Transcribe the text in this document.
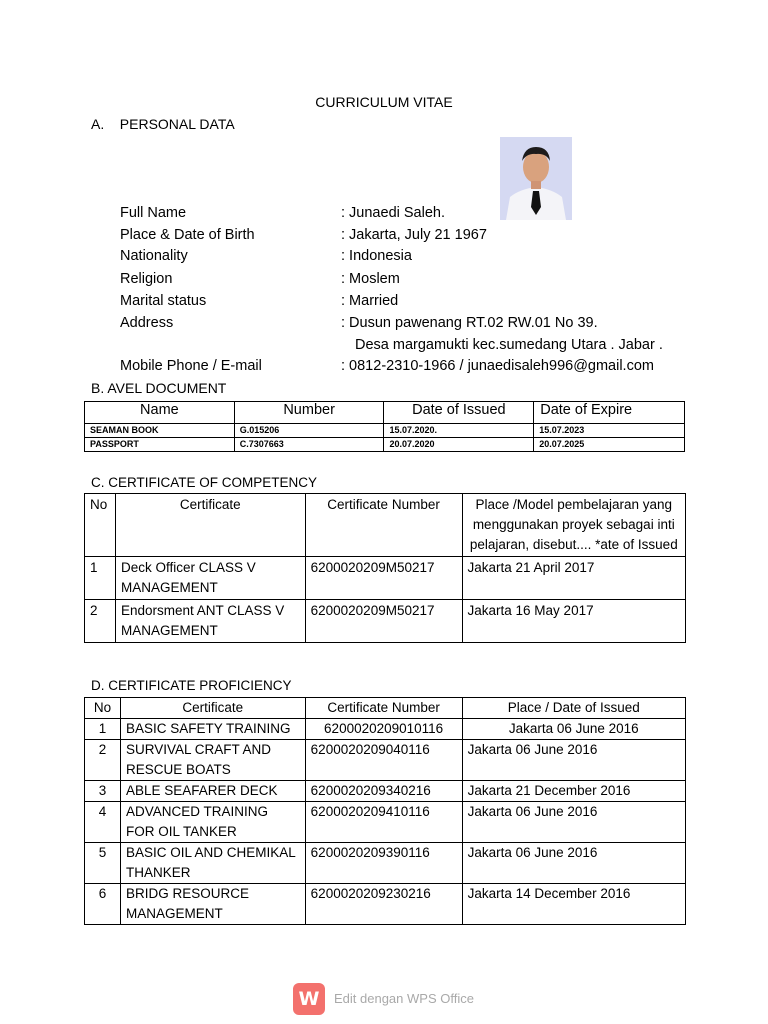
CURRICULUM VITAE
A.    PERSONAL DATA
Full Name	: Junaedi Saleh.
Place & Date of Birth	: Jakarta, July 21 1967
Nationality	: Indonesia
Religion	: Moslem
Marital status	: Married
Address	: Dusun pawenang RT.02 RW.01 No 39.
Desa margamukti kec.sumedang Utara . Jabar .
Mobile Phone / E-mail	: 0812-2310-1966 / junaedisaleh996@gmail.com
B. AVEL DOCUMENT
Name	Number	Date of Issued	Date of Expire
SEAMAN BOOK	G.015206	15.07.2020.	15.07.2023
PASSPORT	C.7307663	20.07.2020	20.07.2025
C. CERTIFICATE OF COMPETENCY
No	Certificate	Certificate Number	Place /Model pembelajaran yang menggunakan proyek sebagai inti pelajaran, disebut.... *ate of Issued
1	Deck Officer CLASS V MANAGEMENT	6200020209M50217	Jakarta 21 April 2017
2	Endorsment ANT CLASS V MANAGEMENT	6200020209M50217	Jakarta 16 May 2017
D. CERTIFICATE PROFICIENCY
No	Certificate	Certificate Number	Place / Date of Issued
1	BASIC SAFETY TRAINING	6200020209010116	Jakarta 06 June 2016
2	SURVIVAL CRAFT AND RESCUE BOATS	6200020209040116	Jakarta 06 June 2016
3	ABLE SEAFARER DECK	6200020209340216	Jakarta 21 December 2016
4	ADVANCED TRAINING FOR OIL TANKER	6200020209410116	Jakarta 06 June 2016
5	BASIC OIL AND CHEMIKAL THANKER	6200020209390116	Jakarta 06 June 2016
6	BRIDG RESOURCE MANAGEMENT	6200020209230216	Jakarta 14 December 2016
W Edit dengan WPS Office
